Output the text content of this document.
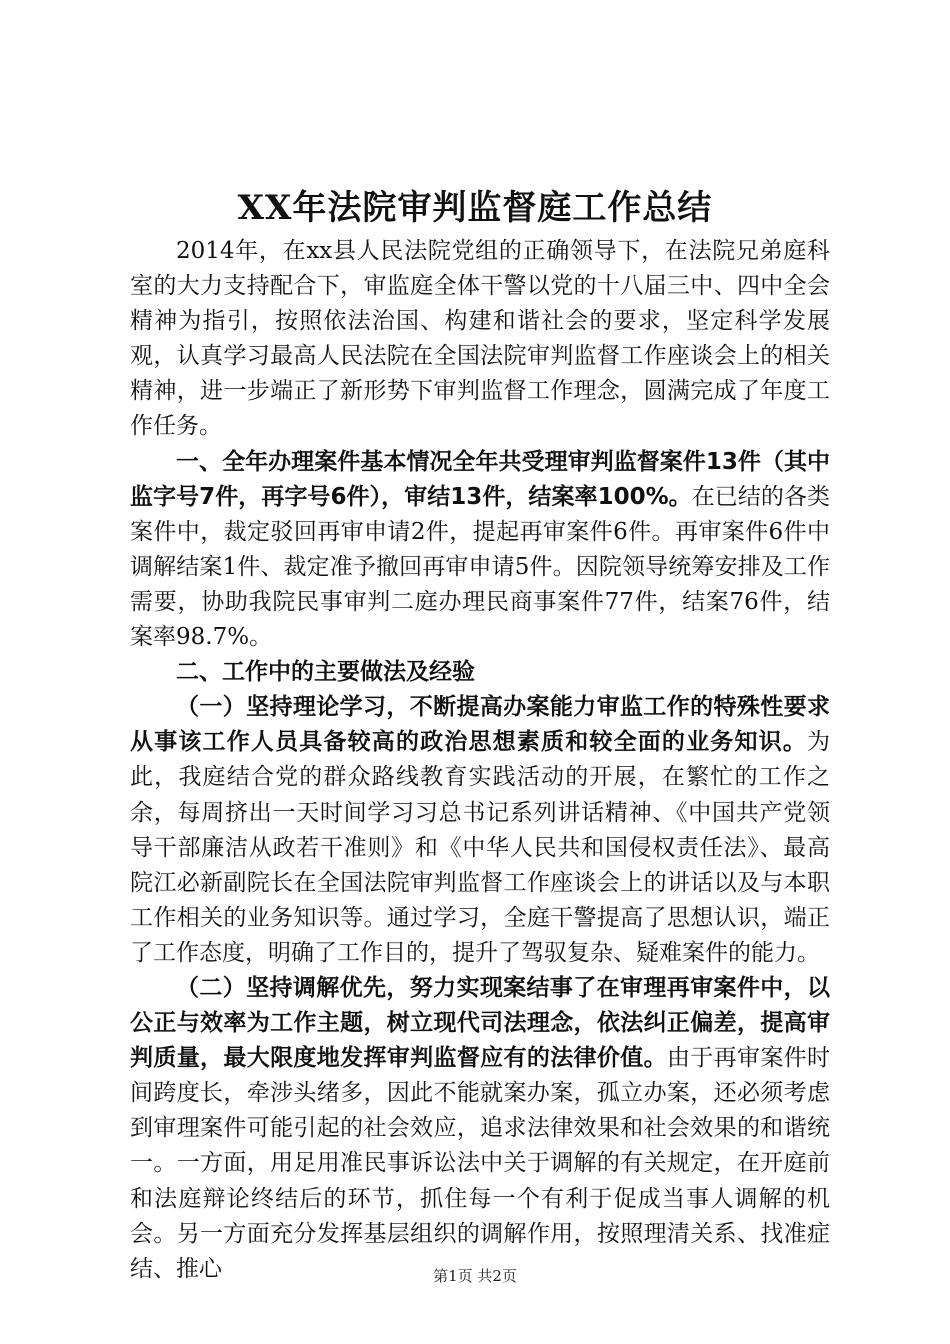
XX年法院审判监督庭工作总结

2014年，在xx县人民法院党组的正确领导下，在法院兄弟庭科室的大力支持配合下，审监庭全体干警以党的十八届三中、四中全会精神为指引，按照依法治国、构建和谐社会的要求，坚定科学发展观，认真学习最高人民法院在全国法院审判监督工作座谈会上的相关精神，进一步端正了新形势下审判监督工作理念，圆满完成了年度工作任务。

一、全年办理案件基本情况全年共受理审判监督案件13件（其中监字号7件，再字号6件），审结13件，结案率100%。在已结的各类案件中，裁定驳回再审申请2件，提起再审案件6件。再审案件6件中调解结案1件、裁定准予撤回再审申请5件。因院领导统筹安排及工作需要，协助我院民事审判二庭办理民商事案件77件，结案76件，结案率98.7%。

二、工作中的主要做法及经验

（一）坚持理论学习，不断提高办案能力审监工作的特殊性要求从事该工作人员具备较高的政治思想素质和较全面的业务知识。为此，我庭结合党的群众路线教育实践活动的开展，在繁忙的工作之余，每周挤出一天时间学习习总书记系列讲话精神、《中国共产党领导干部廉洁从政若干准则》和《中华人民共和国侵权责任法》、最高院江必新副院长在全国法院审判监督工作座谈会上的讲话以及与本职工作相关的业务知识等。通过学习，全庭干警提高了思想认识，端正了工作态度，明确了工作目的，提升了驾驭复杂、疑难案件的能力。

（二）坚持调解优先，努力实现案结事了在审理再审案件中，以公正与效率为工作主题，树立现代司法理念，依法纠正偏差，提高审判质量，最大限度地发挥审判监督应有的法律价值。由于再审案件时间跨度长，牵涉头绪多，因此不能就案办案，孤立办案，还必须考虑到审理案件可能引起的社会效应，追求法律效果和社会效果的和谐统一。一方面，用足用准民事诉讼法中关于调解的有关规定，在开庭前和法庭辩论终结后的环节，抓住每一个有利于促成当事人调解的机会。另一方面充分发挥基层组织的调解作用，按照理清关系、找准症结、推心	第1页 共2页
